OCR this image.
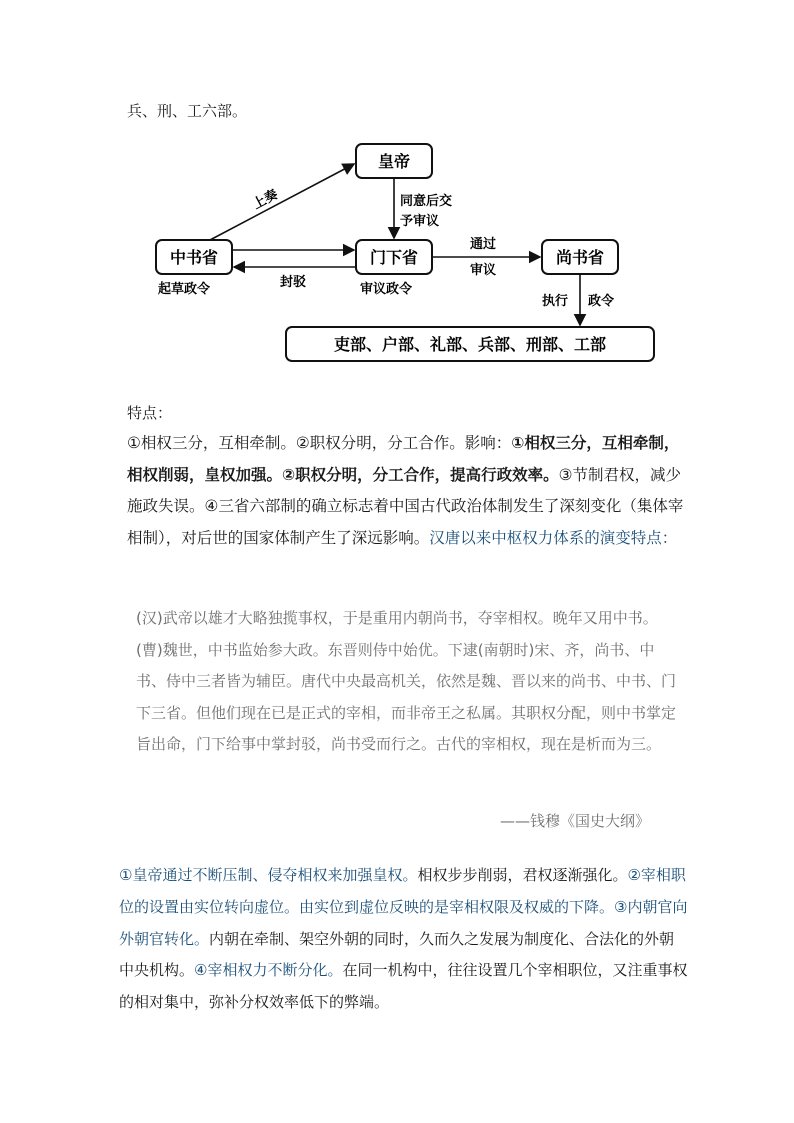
兵、刑、工六部。
皇帝
中书省	门下省	尚书省
吏部、户部、礼部、兵部、刑部、工部
上奏	同意后交
予审议
封驳
通过
审议
起草政令	审议政令
执行 政令
特点：
①相权三分，互相牵制。②职权分明，分工合作。影响：①相权三分，互相牵制，相权削弱，皇权加强。②职权分明，分工合作，提高行政效率。③节制君权，减少施政失误。④三省六部制的确立标志着中国古代政治体制发生了深刻变化（集体宰相制），对后世的国家体制产生了深远影响。汉唐以来中枢权力体系的演变特点：
(汉)武帝以雄才大略独揽事权，于是重用内朝尚书，夺宰相权。晚年又用中书。(曹)魏世，中书监始参大政。东晋则侍中始优。下逮(南朝时)宋、齐，尚书、中书、侍中三者皆为辅臣。唐代中央最高机关，依然是魏、晋以来的尚书、中书、门下三省。但他们现在已是正式的宰相，而非帝王之私属。其职权分配，则中书掌定旨出命，门下给事中掌封驳，尚书受而行之。古代的宰相权，现在是析而为三。
——钱穆《国史大纲》
①皇帝通过不断压制、侵夺相权来加强皇权。相权步步削弱，君权逐渐强化。②宰相职位的设置由实位转向虚位。由实位到虚位反映的是宰相权限及权威的下降。③内朝官向外朝官转化。内朝在牵制、架空外朝的同时，久而久之发展为制度化、合法化的外朝中央机构。④宰相权力不断分化。在同一机构中，往往设置几个宰相职位，又注重事权的相对集中，弥补分权效率低下的弊端。
